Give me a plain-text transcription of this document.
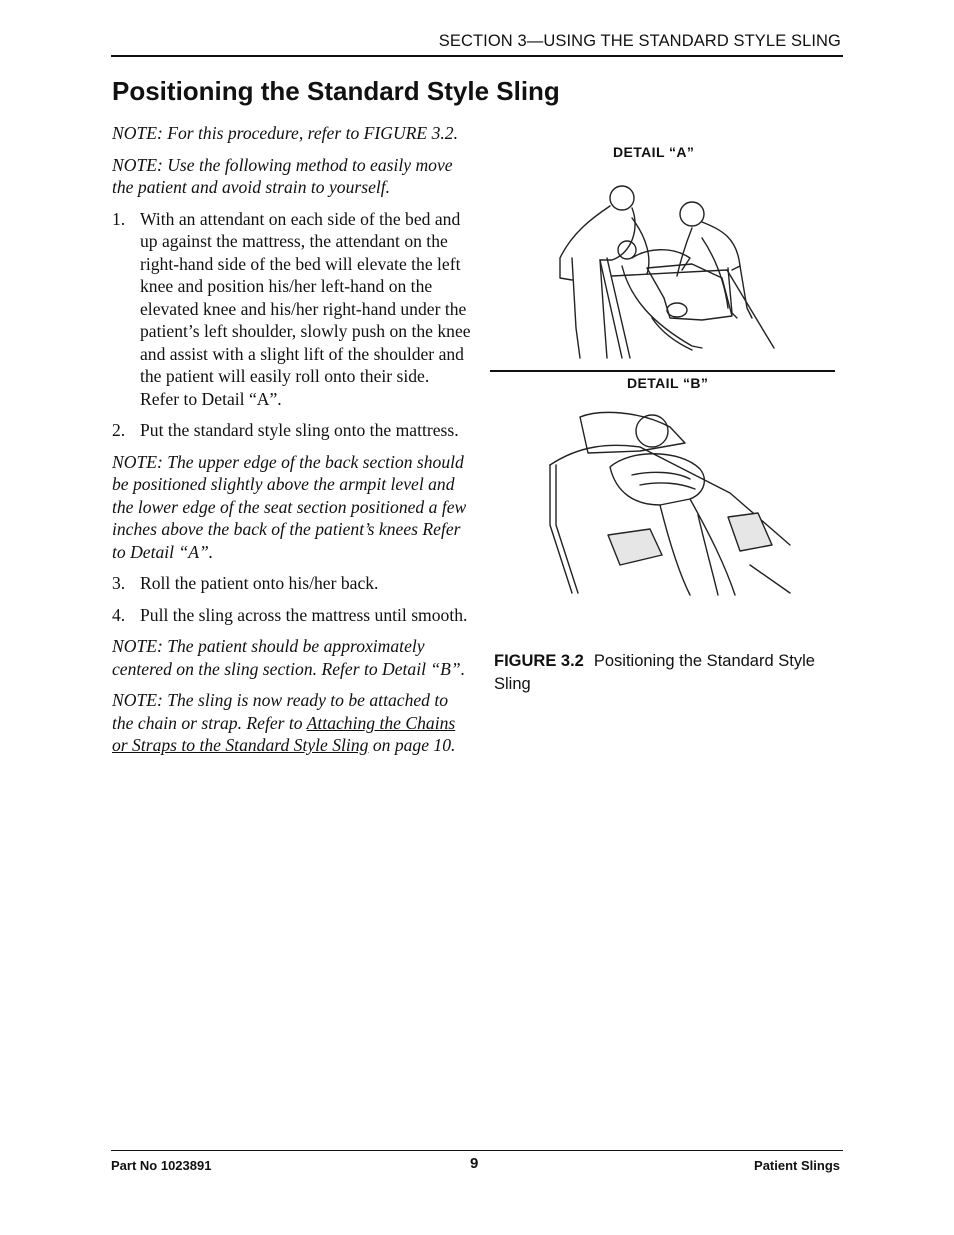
SECTION 3—USING THE STANDARD STYLE SLING
Positioning the Standard Style Sling

NOTE: For this procedure, refer to FIGURE 3.2.

NOTE: Use the following method to easily move the patient and avoid strain to yourself.

1. With an attendant on each side of the bed and up against the mattress, the attendant on the right-hand side of the bed will elevate the left knee and position his/her left-hand on the elevated knee and his/her right-hand under the patient’s left shoulder, slowly push on the knee and assist with a slight lift of the shoulder and the patient will easily roll onto their side. Refer to Detail “A”.
2. Put the standard style sling onto the mattress.

NOTE: The upper edge of the back section should be positioned slightly above the armpit level and the lower edge of the seat section positioned a few inches above the back of the patient’s knees Refer to Detail “A”.

3. Roll the patient onto his/her back.
4. Pull the sling across the mattress until smooth.

NOTE: The patient should be approximately centered on the sling section. Refer to Detail “B”.

NOTE: The sling is now ready to be attached to the chain or strap. Refer to Attaching the Chains or Straps to the Standard Style Sling on page 10.

DETAIL “A”
DETAIL “B”
FIGURE 3.2 Positioning the Standard Style Sling
Part No 1023891	9	Patient Slings
